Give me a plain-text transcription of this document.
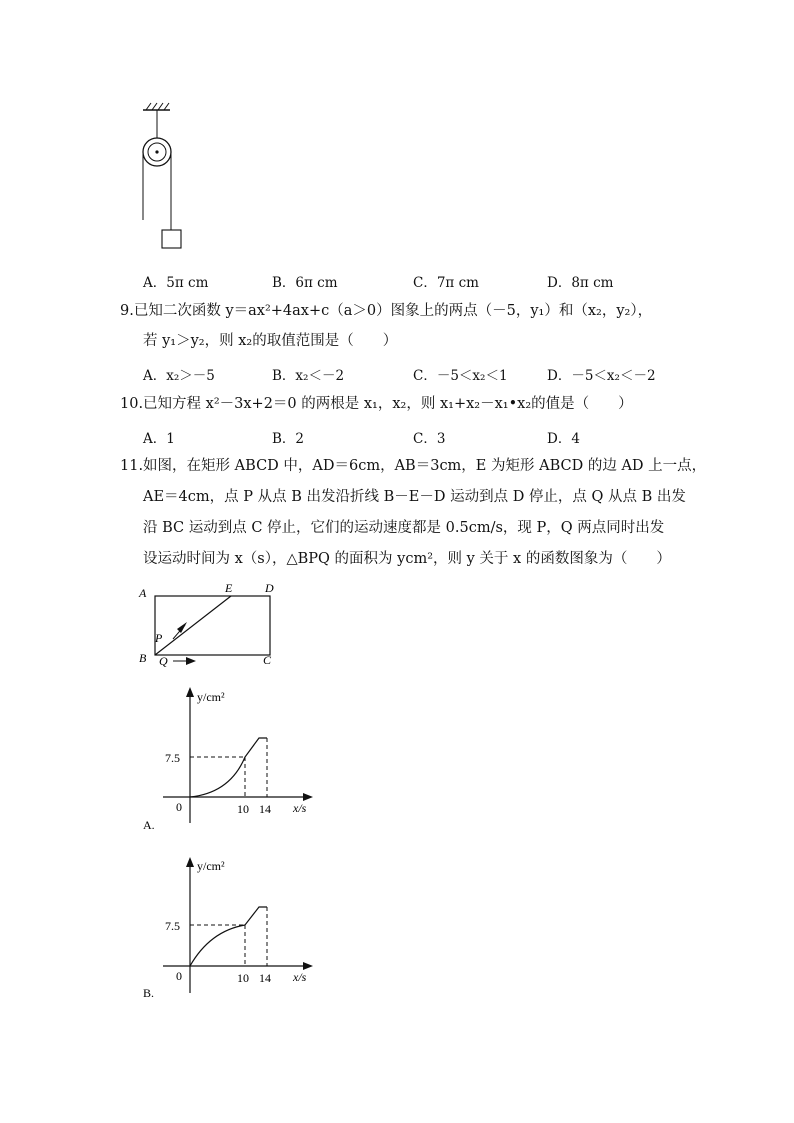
A．5π cm	B．6π cm	C．7π cm	D．8π cm
9.已知二次函数 y＝ax²+4ax+c（a＞0）图象上的两点（－5，y₁）和（x₂，y₂），
若 y₁＞y₂，则 x₂的取值范围是（　　）
A．x₂＞－5	B．x₂＜－2	C．－5＜x₂＜1	D．－5＜x₂＜－2
10.已知方程 x²－3x+2＝0 的两根是 x₁，x₂，则 x₁+x₂－x₁•x₂的值是（　　）
A．1	B．2	C．3	D．4
11.如图，在矩形 ABCD 中，AD＝6cm，AB＝3cm，E 为矩形 ABCD 的边 AD 上一点，
AE＝4cm，点 P 从点 B 出发沿折线 B－E－D 运动到点 D 停止，点 Q 从点 B 出发
沿 BC 运动到点 C 停止，它们的运动速度都是 0.5cm/s，现 P，Q 两点同时出发
设运动时间为 x（s），△BPQ 的面积为 ycm²，则 y 关于 x 的函数图象为（　　）
A
B	C
D
E
P
Q
y/cm²
7.5
0	10 14 x/s
A.
y/cm²
7.5
0	10 14 x/s
B.
